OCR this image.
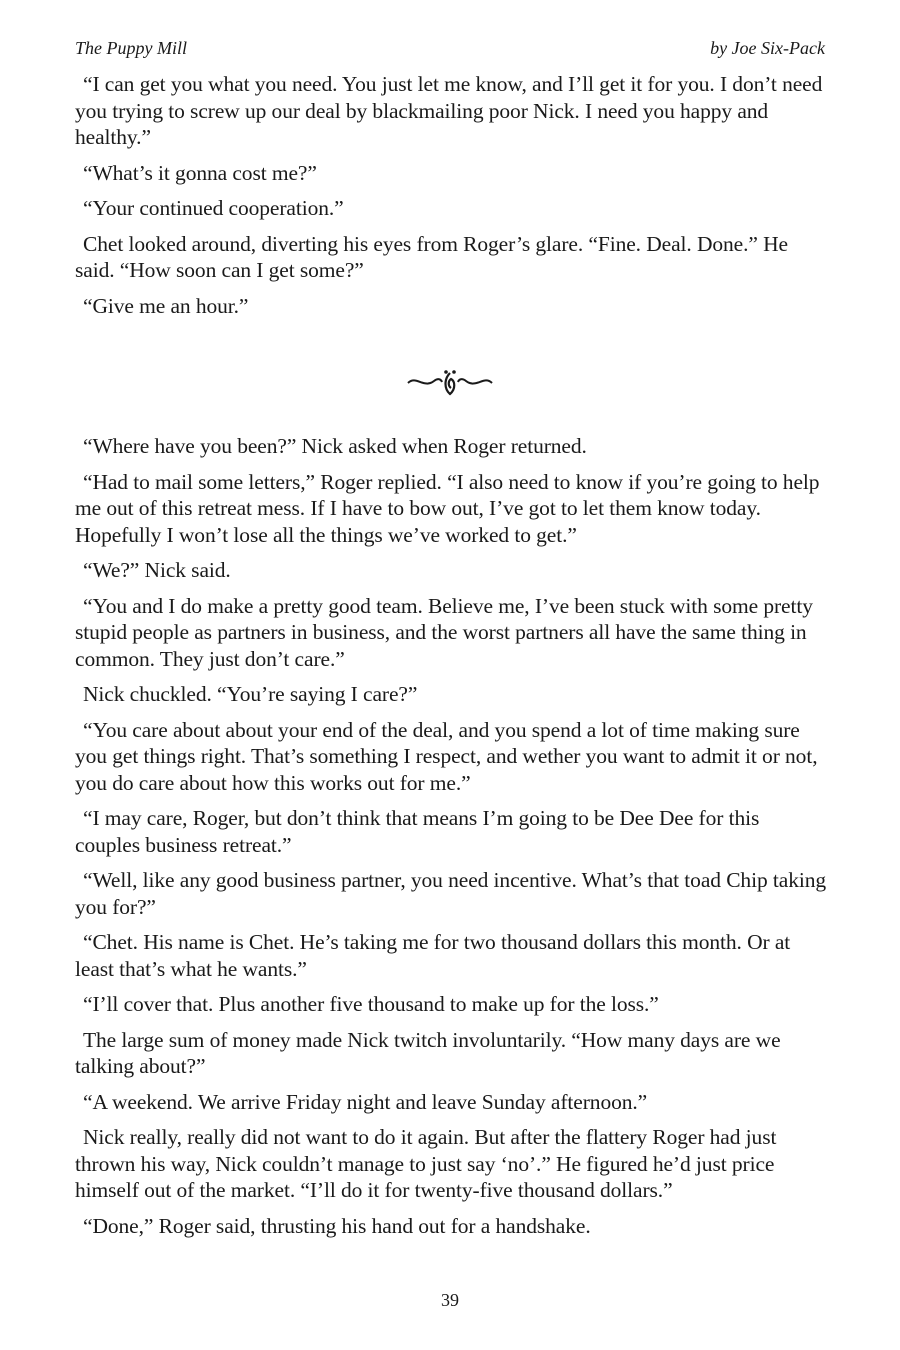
The Puppy Mill	by Joe Six-Pack

“I can get you what you need. You just let me know, and I’ll get it for you. I don’t need you trying to screw up our deal by blackmailing poor Nick. I need you happy and healthy.”

“What’s it gonna cost me?”

“Your continued cooperation.”

Chet looked around, diverting his eyes from Roger’s glare. “Fine. Deal. Done.” He said. “How soon can I get some?”

“Give me an hour.”

“Where have you been?” Nick asked when Roger returned.

“Had to mail some letters,” Roger replied. “I also need to know if you’re going to help me out of this retreat mess. If I have to bow out, I’ve got to let them know today. Hopefully I won’t lose all the things we’ve worked to get.”

“We?” Nick said.

“You and I do make a pretty good team. Believe me, I’ve been stuck with some pretty stupid people as partners in business, and the worst partners all have the same thing in common. They just don’t care.”

Nick chuckled. “You’re saying I care?”

“You care about about your end of the deal, and you spend a lot of time making sure you get things right. That’s something I respect, and wether you want to admit it or not, you do care about how this works out for me.”

“I may care, Roger, but don’t think that means I’m going to be Dee Dee for this couples business retreat.”

“Well, like any good business partner, you need incentive. What’s that toad Chip taking you for?”

“Chet. His name is Chet. He’s taking me for two thousand dollars this month. Or at least that’s what he wants.”

“I’ll cover that. Plus another five thousand to make up for the loss.”

The large sum of money made Nick twitch involuntarily. “How many days are we talking about?”

“A weekend. We arrive Friday night and leave Sunday afternoon.”

Nick really, really did not want to do it again. But after the flattery Roger had just thrown his way, Nick couldn’t manage to just say ‘no’.” He figured he’d just price himself out of the market. “I’ll do it for twenty-five thousand dollars.”

“Done,” Roger said, thrusting his hand out for a handshake.

39
